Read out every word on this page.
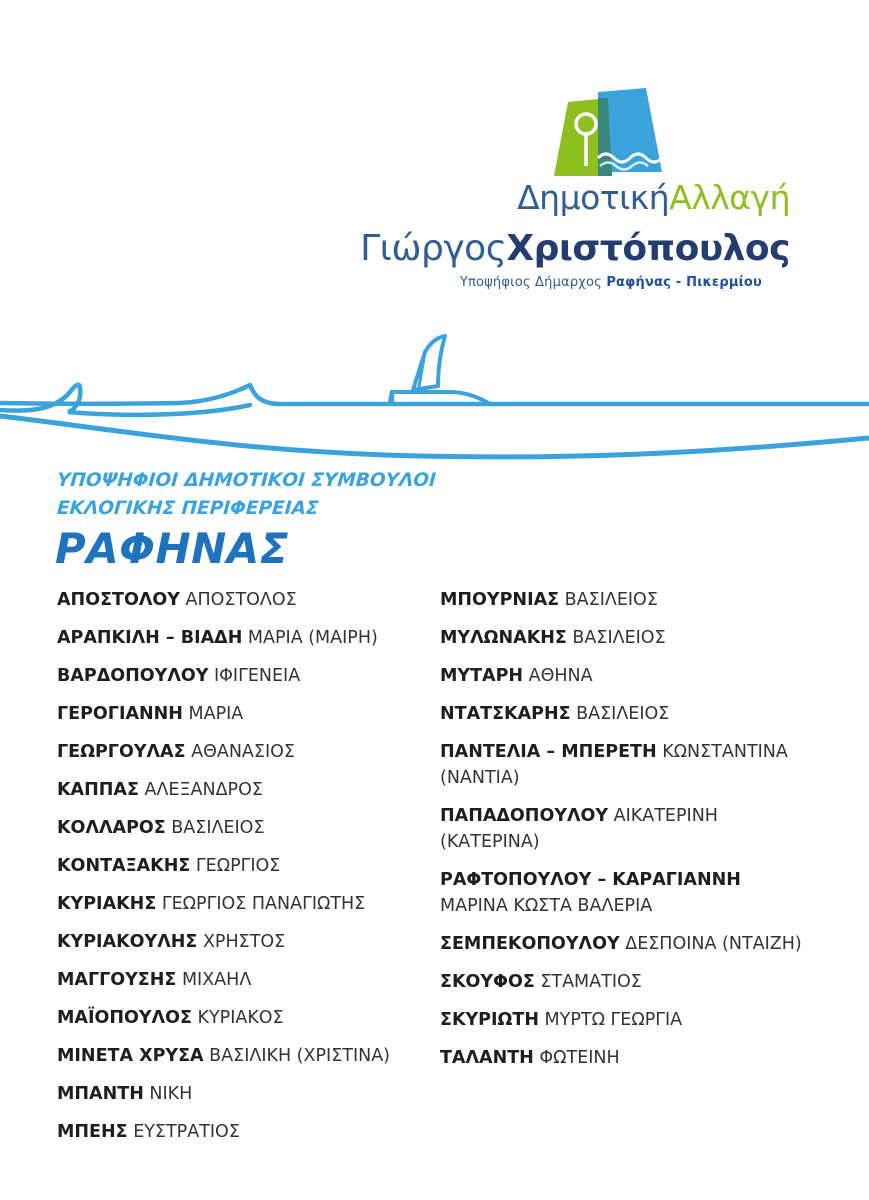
ΔημοτικήΑλλαγή
ΓιώργοςΧριστόπουλος
Υποψήφιος Δήμαρχος Ραφήνας - Πικερμίου
ΥΠΟΨΗΦΙΟΙ ΔΗΜΟΤΙΚΟΙ ΣΥΜΒΟΥΛΟΙ
ΕΚΛΟΓΙΚΗΣ ΠΕΡΙΦΕΡΕΙΑΣ
ΡΑΦΗΝΑΣ
ΑΠΟΣΤΟΛΟΥ ΑΠΟΣΤΟΛΟΣ
ΑΡΑΠΚΙΛΗ – ΒΙΑΔΗ ΜΑΡΙΑ (ΜΑΙΡΗ)
ΒΑΡΔΟΠΟΥΛΟΥ ΙΦΙΓΕΝΕΙΑ
ΓΕΡΟΓΙΑΝΝΗ ΜΑΡΙΑ
ΓΕΩΡΓΟΥΛΑΣ ΑΘΑΝΑΣΙΟΣ
ΚΑΠΠΑΣ ΑΛΕΞΑΝΔΡΟΣ
ΚΟΛΛΑΡΟΣ ΒΑΣΙΛΕΙΟΣ
ΚΟΝΤΑΞΑΚΗΣ ΓΕΩΡΓΙΟΣ
ΚΥΡΙΑΚΗΣ ΓΕΩΡΓΙΟΣ ΠΑΝΑΓΙΩΤΗΣ
ΚΥΡΙΑΚΟΥΛΗΣ ΧΡΗΣΤΟΣ
ΜΑΓΓΟΥΣΗΣ ΜΙΧΑΗΛ
ΜΑΪΟΠΟΥΛΟΣ ΚΥΡΙΑΚΟΣ
ΜΙΝΕΤΑ ΧΡΥΣΑ ΒΑΣΙΛΙΚΗ (ΧΡΙΣΤΙΝΑ)
ΜΠΑΝΤΗ ΝΙΚΗ
ΜΠΕΗΣ ΕΥΣΤΡΑΤΙΟΣ
ΜΠΟΥΡΝΙΑΣ ΒΑΣΙΛΕΙΟΣ
ΜΥΛΩΝΑΚΗΣ ΒΑΣΙΛΕΙΟΣ
ΜΥΤΑΡΗ ΑΘΗΝΑ
ΝΤΑΤΣΚΑΡΗΣ ΒΑΣΙΛΕΙΟΣ
ΠΑΝΤΕΛΙΑ – ΜΠΕΡΕΤΗ ΚΩΝΣΤΑΝΤΙΝΑ
(ΝΑΝΤΙΑ)
ΠΑΠΑΔΟΠΟΥΛΟΥ ΑΙΚΑΤΕΡΙΝΗ
(ΚΑΤΕΡΙΝΑ)
ΡΑΦΤΟΠΟΥΛΟΥ – ΚΑΡΑΓΙΑΝΝΗ
ΜΑΡΙΝΑ ΚΩΣΤΑ ΒΑΛΕΡΙΑ
ΣΕΜΠΕΚΟΠΟΥΛΟΥ ΔΕΣΠΟΙΝΑ (ΝΤΑΙΖΗ)
ΣΚΟΥΦΟΣ ΣΤΑΜΑΤΙΟΣ
ΣΚΥΡΙΩΤΗ ΜΥΡΤΩ ΓΕΩΡΓΙΑ
ΤΑΛΑΝΤΗ ΦΩΤΕΙΝΗ
